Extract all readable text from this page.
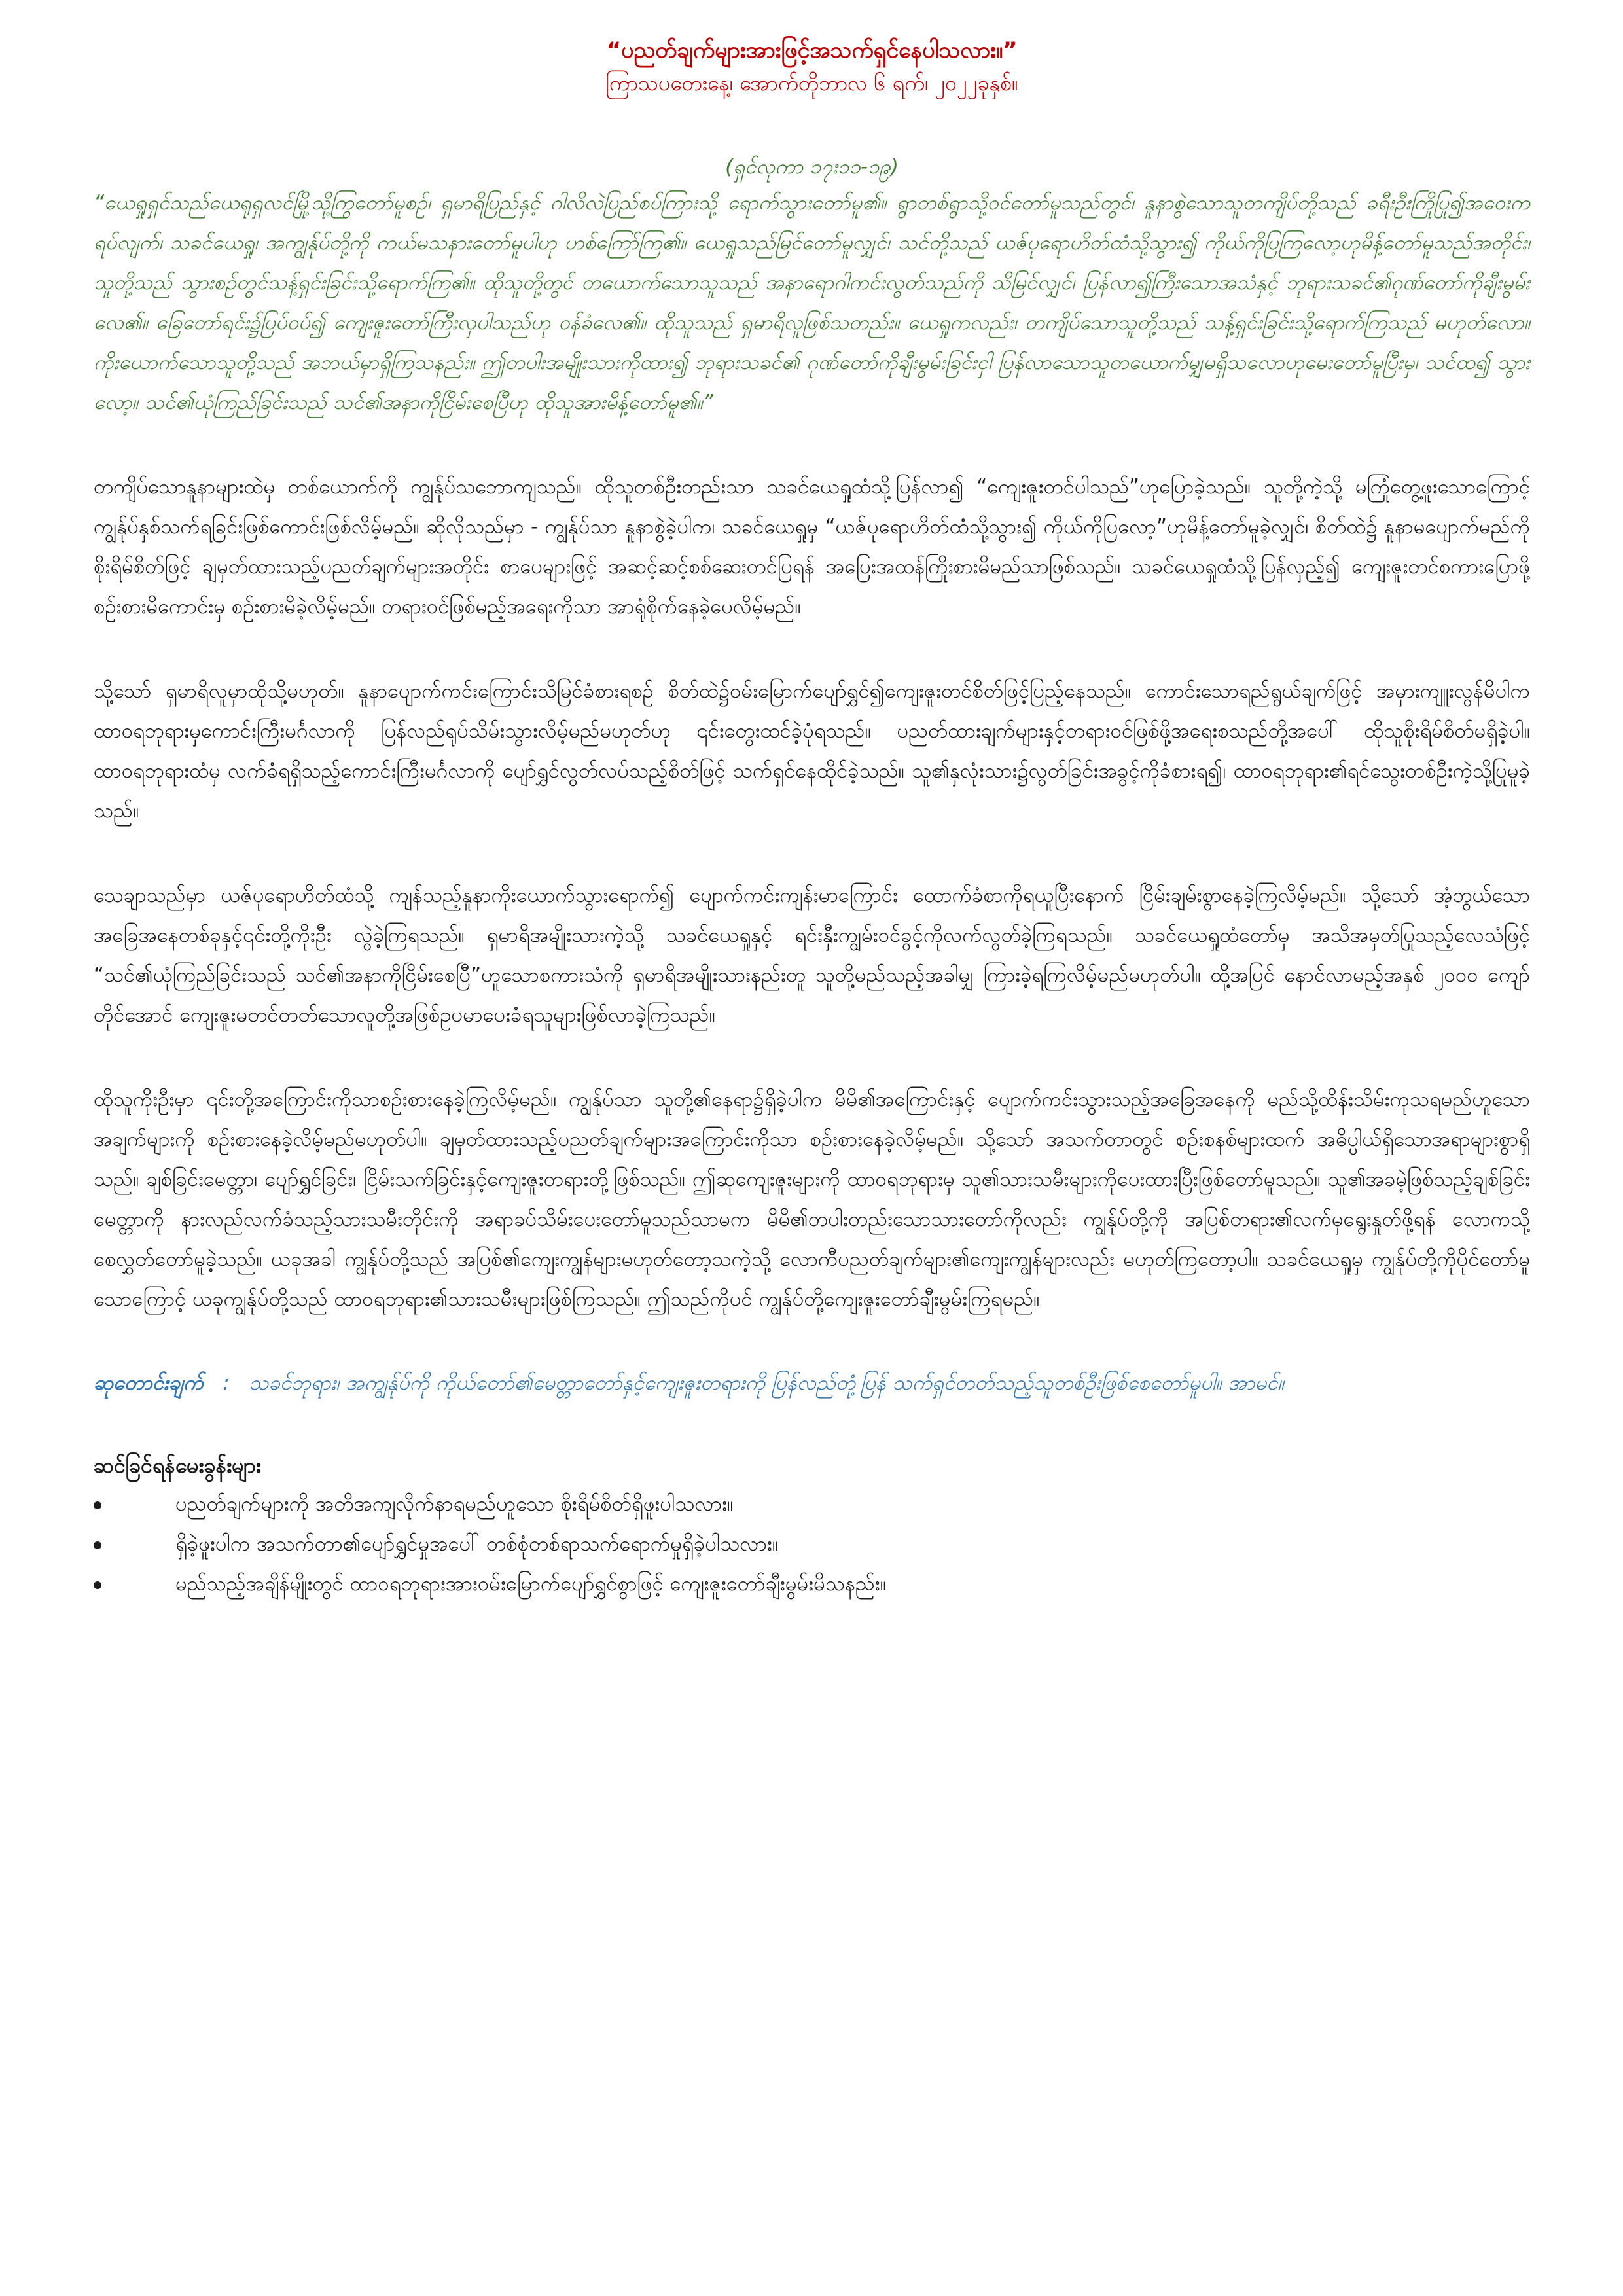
“ပညတ်ချက်များအားဖြင့်အသက်ရှင်နေပါသလား။”
ကြာသပတေးနေ့၊ အောက်တိုဘာလ ၆ ရက်၊ ၂၀၂၂ခုနှစ်။
(ရှင်လုကာ ၁၇း၁၁-၁၉)

“ယေရှုရှင်သည်ယေရုရှလင်မြို့သို့ကြွတော်မူစဉ်၊ ရှမာရိပြည်နှင့် ဂါလိလဲပြည်စပ်ကြားသို့ ရောက်သွားတော်မူ၏။ ရွာတစ်ရွာသို့ဝင်တော်မူသည်တွင်၊ နူနာစွဲသောသူတကျိပ်တို့သည် ခရီးဦးကြိုပြု၍အဝေးကရပ်လျက်၊ သခင်ယေရှု၊ အကျွန်ုပ်တို့ကို ကယ်မသနားတော်မူပါဟု ဟစ်ကြော်ကြ၏။ ယေရှုသည်မြင်တော်မူလျှင်၊ သင်တို့သည် ယဇ်ပုရောဟိတ်ထံသို့သွား၍ ကိုယ်ကိုပြကြလော့ဟုမိန့်တော်မူသည်အတိုင်း၊ သူတို့သည် သွားစဉ်တွင်သန့်ရှင်းခြင်းသို့ရောက်ကြ၏။ ထိုသူတို့တွင် တယောက်သောသူသည် အနာရောဂါကင်းလွတ်သည်ကို သိမြင်လျှင်၊ ပြန်လာ၍ကြီးသောအသံနှင့် ဘုရားသခင်၏ဂုဏ်တော်ကိုချီးမွမ်းလေ၏။ ခြေတော်ရင်း၌ပြပ်ဝပ်၍ ကျေးဇူးတော်ကြီးလှပါသည်ဟု ဝန်ခံလေ၏။ ထိုသူသည် ရှမာရိလူဖြစ်သတည်း။ ယေရှုကလည်း၊ တကျိပ်သောသူတို့သည် သန့်ရှင်းခြင်းသို့ရောက်ကြသည် မဟုတ်လော။ ကိုးယောက်သောသူတို့သည် အဘယ်မှာရှိကြသနည်း။ ဤတပါးအမျိုးသားကိုထား၍ ဘုရားသခင်၏ ဂုဏ်တော်ကိုချီးမွမ်းခြင်းငှါ ပြန်လာသောသူတယောက်မျှမရှိသလောဟုမေးတော်မူပြီးမှ၊ သင်ထ၍ သွားလော့။ သင်၏ယုံကြည်ခြင်းသည် သင်၏အနာကိုငြိမ်းစေပြီဟု ထိုသူအားမိန့်တော်မူ၏။”

တကျိပ်သောနူနာများထဲမှ တစ်ယောက်ကို ကျွန်ုပ်သဘောကျသည်။ ထိုသူတစ်ဦးတည်းသာ သခင်ယေရှုထံသို့ပြန်လာ၍ “ကျေးဇူးတင်ပါသည်”ဟုပြောခဲ့သည်။ သူတို့ကဲ့သို့ မကြုံတွေ့ဖူးသောကြောင့် ကျွန်ုပ်နှစ်သက်ရခြင်းဖြစ်ကောင်းဖြစ်လိမ့်မည်။ ဆိုလိုသည်မှာ - ကျွန်ုပ်သာ နူနာစွဲခဲ့ပါက၊ သခင်ယေရှုမှ “ယဇ်ပုရောဟိတ်ထံသို့သွား၍ ကိုယ်ကိုပြလော့”ဟုမိန့်တော်မူခဲ့လျှင်၊ စိတ်ထဲ၌ နူနာမပျောက်မည်ကိုစိုးရိမ်စိတ်ဖြင့် ချမှတ်ထားသည့်ပညတ်ချက်များအတိုင်း စာပေများဖြင့် အဆင့်ဆင့်စစ်ဆေးတင်ပြရန် အပြေးအထန်ကြိုးစားမိမည်သာဖြစ်သည်။ သခင်ယေရှုထံသို့ပြန်လှည့်၍ ကျေးဇူးတင်စကားပြောဖို့ စဉ်းစားမိကောင်းမှ စဉ်းစားမိခဲ့လိမ့်မည်။ တရားဝင်ဖြစ်မည့်အရေးကိုသာ အာရုံစိုက်နေခဲ့ပေလိမ့်မည်။

သို့သော် ရှမာရိလူမှာထိုသို့မဟုတ်။ နူနာပျောက်ကင်းကြောင်းသိမြင်ခံစားရစဉ် စိတ်ထဲ၌ဝမ်းမြောက်ပျော်ရွှင်၍ကျေးဇူးတင်စိတ်ဖြင့်ပြည့်နေသည်။ ကောင်းသောရည်ရွယ်ချက်ဖြင့် အမှားကျူးလွန်မိပါက ထာဝရဘုရားမှကောင်းကြီးမင်္ဂလာကို ပြန်လည်ရုပ်သိမ်းသွားလိမ့်မည်မဟုတ်ဟု ၎င်းတွေးထင်ခဲ့ပုံရသည်။ ပညတ်ထားချက်များနှင့်တရားဝင်ဖြစ်ဖို့အရေးစသည်တို့အပေါ် ထိုသူစိုးရိမ်စိတ်မရှိခဲ့ပါ။ ထာဝရဘုရားထံမှ လက်ခံရရှိသည့်ကောင်းကြီးမင်္ဂလာကို ပျော်ရွှင်လွတ်လပ်သည့်စိတ်ဖြင့် သက်ရှင်နေထိုင်ခဲ့သည်။ သူ၏နှလုံးသား၌လွတ်ခြင်းအခွင့်ကိုခံစားရ၍၊ ထာဝရဘုရား၏ရင်သွေးတစ်ဦးကဲ့သို့ပြုမူခဲ့သည်။

သေချာသည်မှာ ယဇ်ပုရောဟိတ်ထံသို့ ကျန်သည့်နူနာကိုးယောက်သွားရောက်၍ ပျောက်ကင်းကျန်းမာကြောင်း ထောက်ခံစာကိုရယူပြီးနောက် ငြိမ်းချမ်းစွာနေခဲ့ကြလိမ့်မည်။ သို့သော် အံ့ဘွယ်သောအခြေအနေတစ်ခုနှင့်၎င်းတို့ကိုးဦး လွဲခဲ့ကြရသည်။ ရှမာရိအမျိုးသားကဲ့သို့ သခင်ယေရှုနှင့် ရင်းနှီးကျွမ်းဝင်ခွင့်ကိုလက်လွတ်ခဲ့ကြရသည်။ သခင်ယေရှုထံတော်မှ အသိအမှတ်ပြုသည့်လေသံဖြင့် “သင်၏ယုံကြည်ခြင်းသည် သင်၏အနာကိုငြိမ်းစေပြီ”ဟူသောစကားသံကို ရှမာရိအမျိုးသားနည်းတူ သူတို့မည်သည့်အခါမျှ ကြားခဲ့ရကြလိမ့်မည်မဟုတ်ပါ။ ထို့အပြင် နောင်လာမည့်အနှစ် ၂၀၀၀ ကျော်တိုင်အောင် ကျေးဇူးမတင်တတ်သောလူတို့အဖြစ်ဥပမာပေးခံရသူများဖြစ်လာခဲ့ကြသည်။

ထိုသူကိုးဦးမှာ ၎င်းတို့အကြောင်းကိုသာစဉ်းစားနေခဲ့ကြလိမ့်မည်။ ကျွန်ုပ်သာ သူတို့၏နေရာ၌ရှိခဲ့ပါက မိမိ၏အကြောင်းနှင့် ပျောက်ကင်းသွားသည့်အခြေအနေကို မည်သို့ထိန်းသိမ်းကုသရမည်ဟူသောအချက်များကို စဉ်းစားနေခဲ့လိမ့်မည်မဟုတ်ပါ။ ချမှတ်ထားသည့်ပညတ်ချက်များအကြောင်းကိုသာ စဉ်းစားနေခဲ့လိမ့်မည်။ သို့သော် အသက်တာတွင် စဉ်းစနစ်များထက် အဓိပ္ပါယ်ရှိသောအရာများစွာရှိသည်။ ချစ်ခြင်းမေတ္တာ၊ ပျော်ရွှင်ခြင်း၊ ငြိမ်းသက်ခြင်းနှင့်ကျေးဇူးတရားတို့ဖြစ်သည်။ ဤဆုကျေးဇူးများကို ထာဝရဘုရားမှ သူ၏သားသမီးများကိုပေးထားပြီးဖြစ်တော်မူသည်။ သူ၏အခမဲ့ဖြစ်သည့်ချစ်ခြင်းမေတ္တာကို နားလည်လက်ခံသည့်သားသမီးတိုင်းကို အရာခပ်သိမ်းပေးတော်မူသည်သာမက မိမိ၏တပါးတည်းသောသားတော်ကိုလည်း ကျွန်ုပ်တို့ကို အပြစ်တရား၏လက်မှရွေးနှုတ်ဖို့ရန် လောကသို့ စေလွှတ်တော်မူခဲ့သည်။ ယခုအခါ ကျွန်ုပ်တို့သည် အပြစ်၏ကျေးကျွန်များမဟုတ်တော့သကဲ့သို့ လောကီပညတ်ချက်များ၏ကျေးကျွန်များလည်း မဟုတ်ကြတော့ပါ။ သခင်ယေရှုမှ ကျွန်ုပ်တို့ကိုပိုင်တော်မူသောကြောင့် ယခုကျွန်ုပ်တို့သည် ထာဝရဘုရား၏သားသမီးများဖြစ်ကြသည်။ ဤသည်ကိုပင် ကျွန်ုပ်တို့ကျေးဇူးတော်ချီးမွမ်းကြရမည်။

ဆုတောင်းချက် : သခင်ဘုရား၊ အကျွန်ုပ်ကို ကိုယ်တော်၏မေတ္တာတော်နှင့်ကျေးဇူးတရားကို ပြန်လည်တုံ့ပြန် သက်ရှင်တတ်သည့်သူတစ်ဦးဖြစ်စေတော်မူပါ။ အာမင်။

ဆင်ခြင်ရန်မေးခွန်းများ

ပညတ်ချက်များကို အတိအကျလိုက်နာရမည်ဟူသော စိုးရိမ်စိတ်ရှိဖူးပါသလား။
ရှိခဲ့ဖူးပါက အသက်တာ၏ပျော်ရွှင်မှုအပေါ် တစ်စုံတစ်ရာသက်ရောက်မှုရှိခဲ့ပါသလား။
မည်သည့်အချိန်မျိုးတွင် ထာဝရဘုရားအားဝမ်းမြောက်ပျော်ရွှင်စွာဖြင့် ကျေးဇူးတော်ချီးမွမ်းမိသနည်း။
